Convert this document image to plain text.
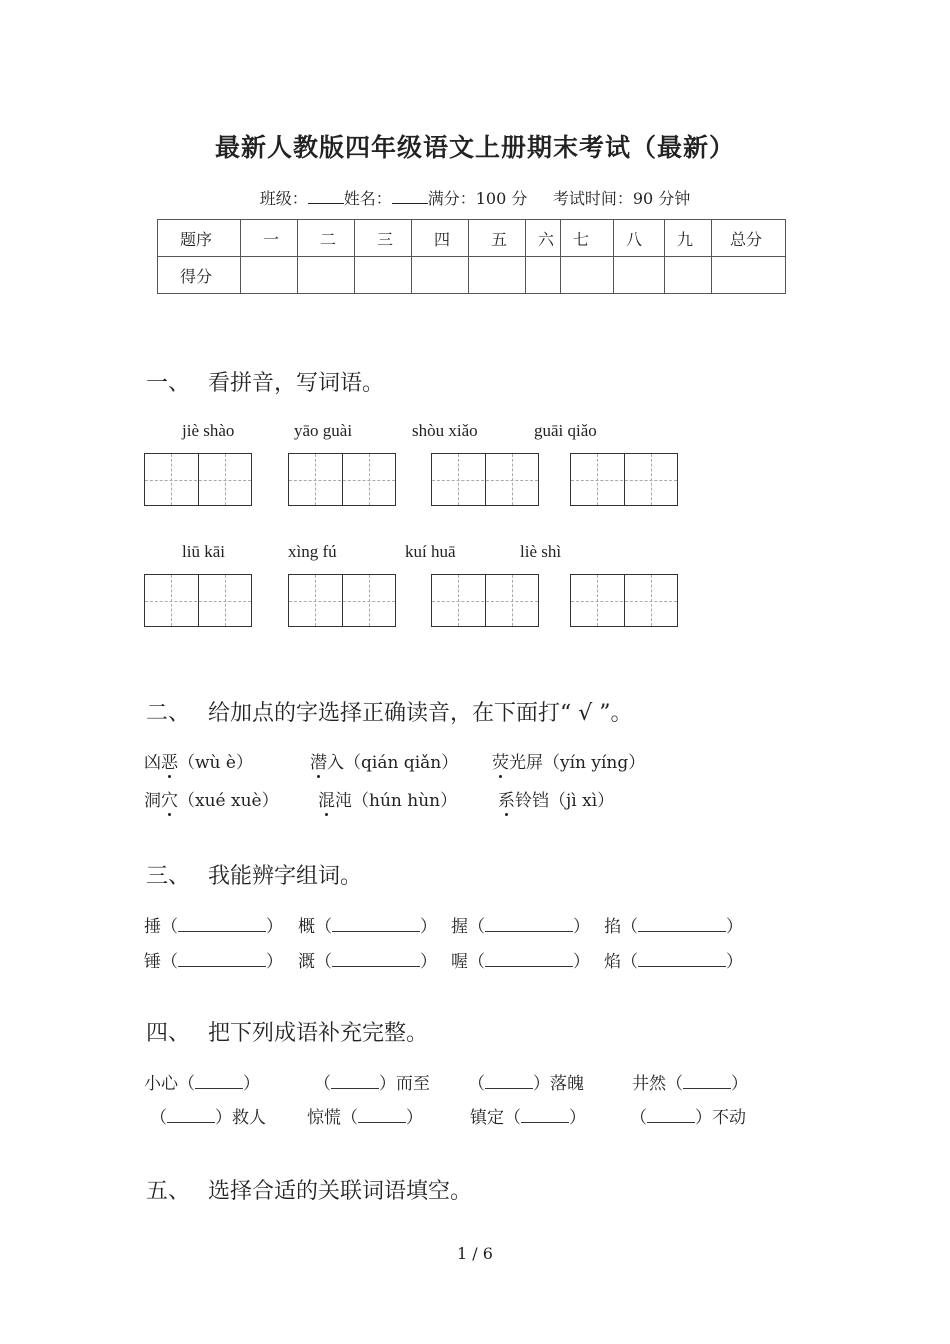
最新人教版四年级语文上册期末考试（最新）
班级： 姓名： 满分：100 分 考试时间：90 分钟
题序	一	二	三	四	五	六	七	八	九	总分
得分										
一、 看拼音，写词语。
jiè shào	yāo guài	shòu xiǎo	guāi qiǎo
liū kāi	xìng fú	kuí huā	liè shì
二、 给加点的字选择正确读音，在下面打“ √ ”。
凶恶（wù è）	潜入（qián qiǎn） 荧光屏（yín yíng）
洞穴（xué xuè） 混沌（hún hùn） 系铃铛（jì xì）
三、 我能辨字组词。
捶（	） 概（	） 握（	） 掐（	）
锤（	） 溉（	） 喔（	） 焰（	）
四、 把下列成语补充完整。
小心（	）	（	）而至 （	）落魄	井然（	）
（	）救人 惊慌（	）	镇定（	）	（	）不动
五、 选择合适的关联词语填空。
1 / 6
